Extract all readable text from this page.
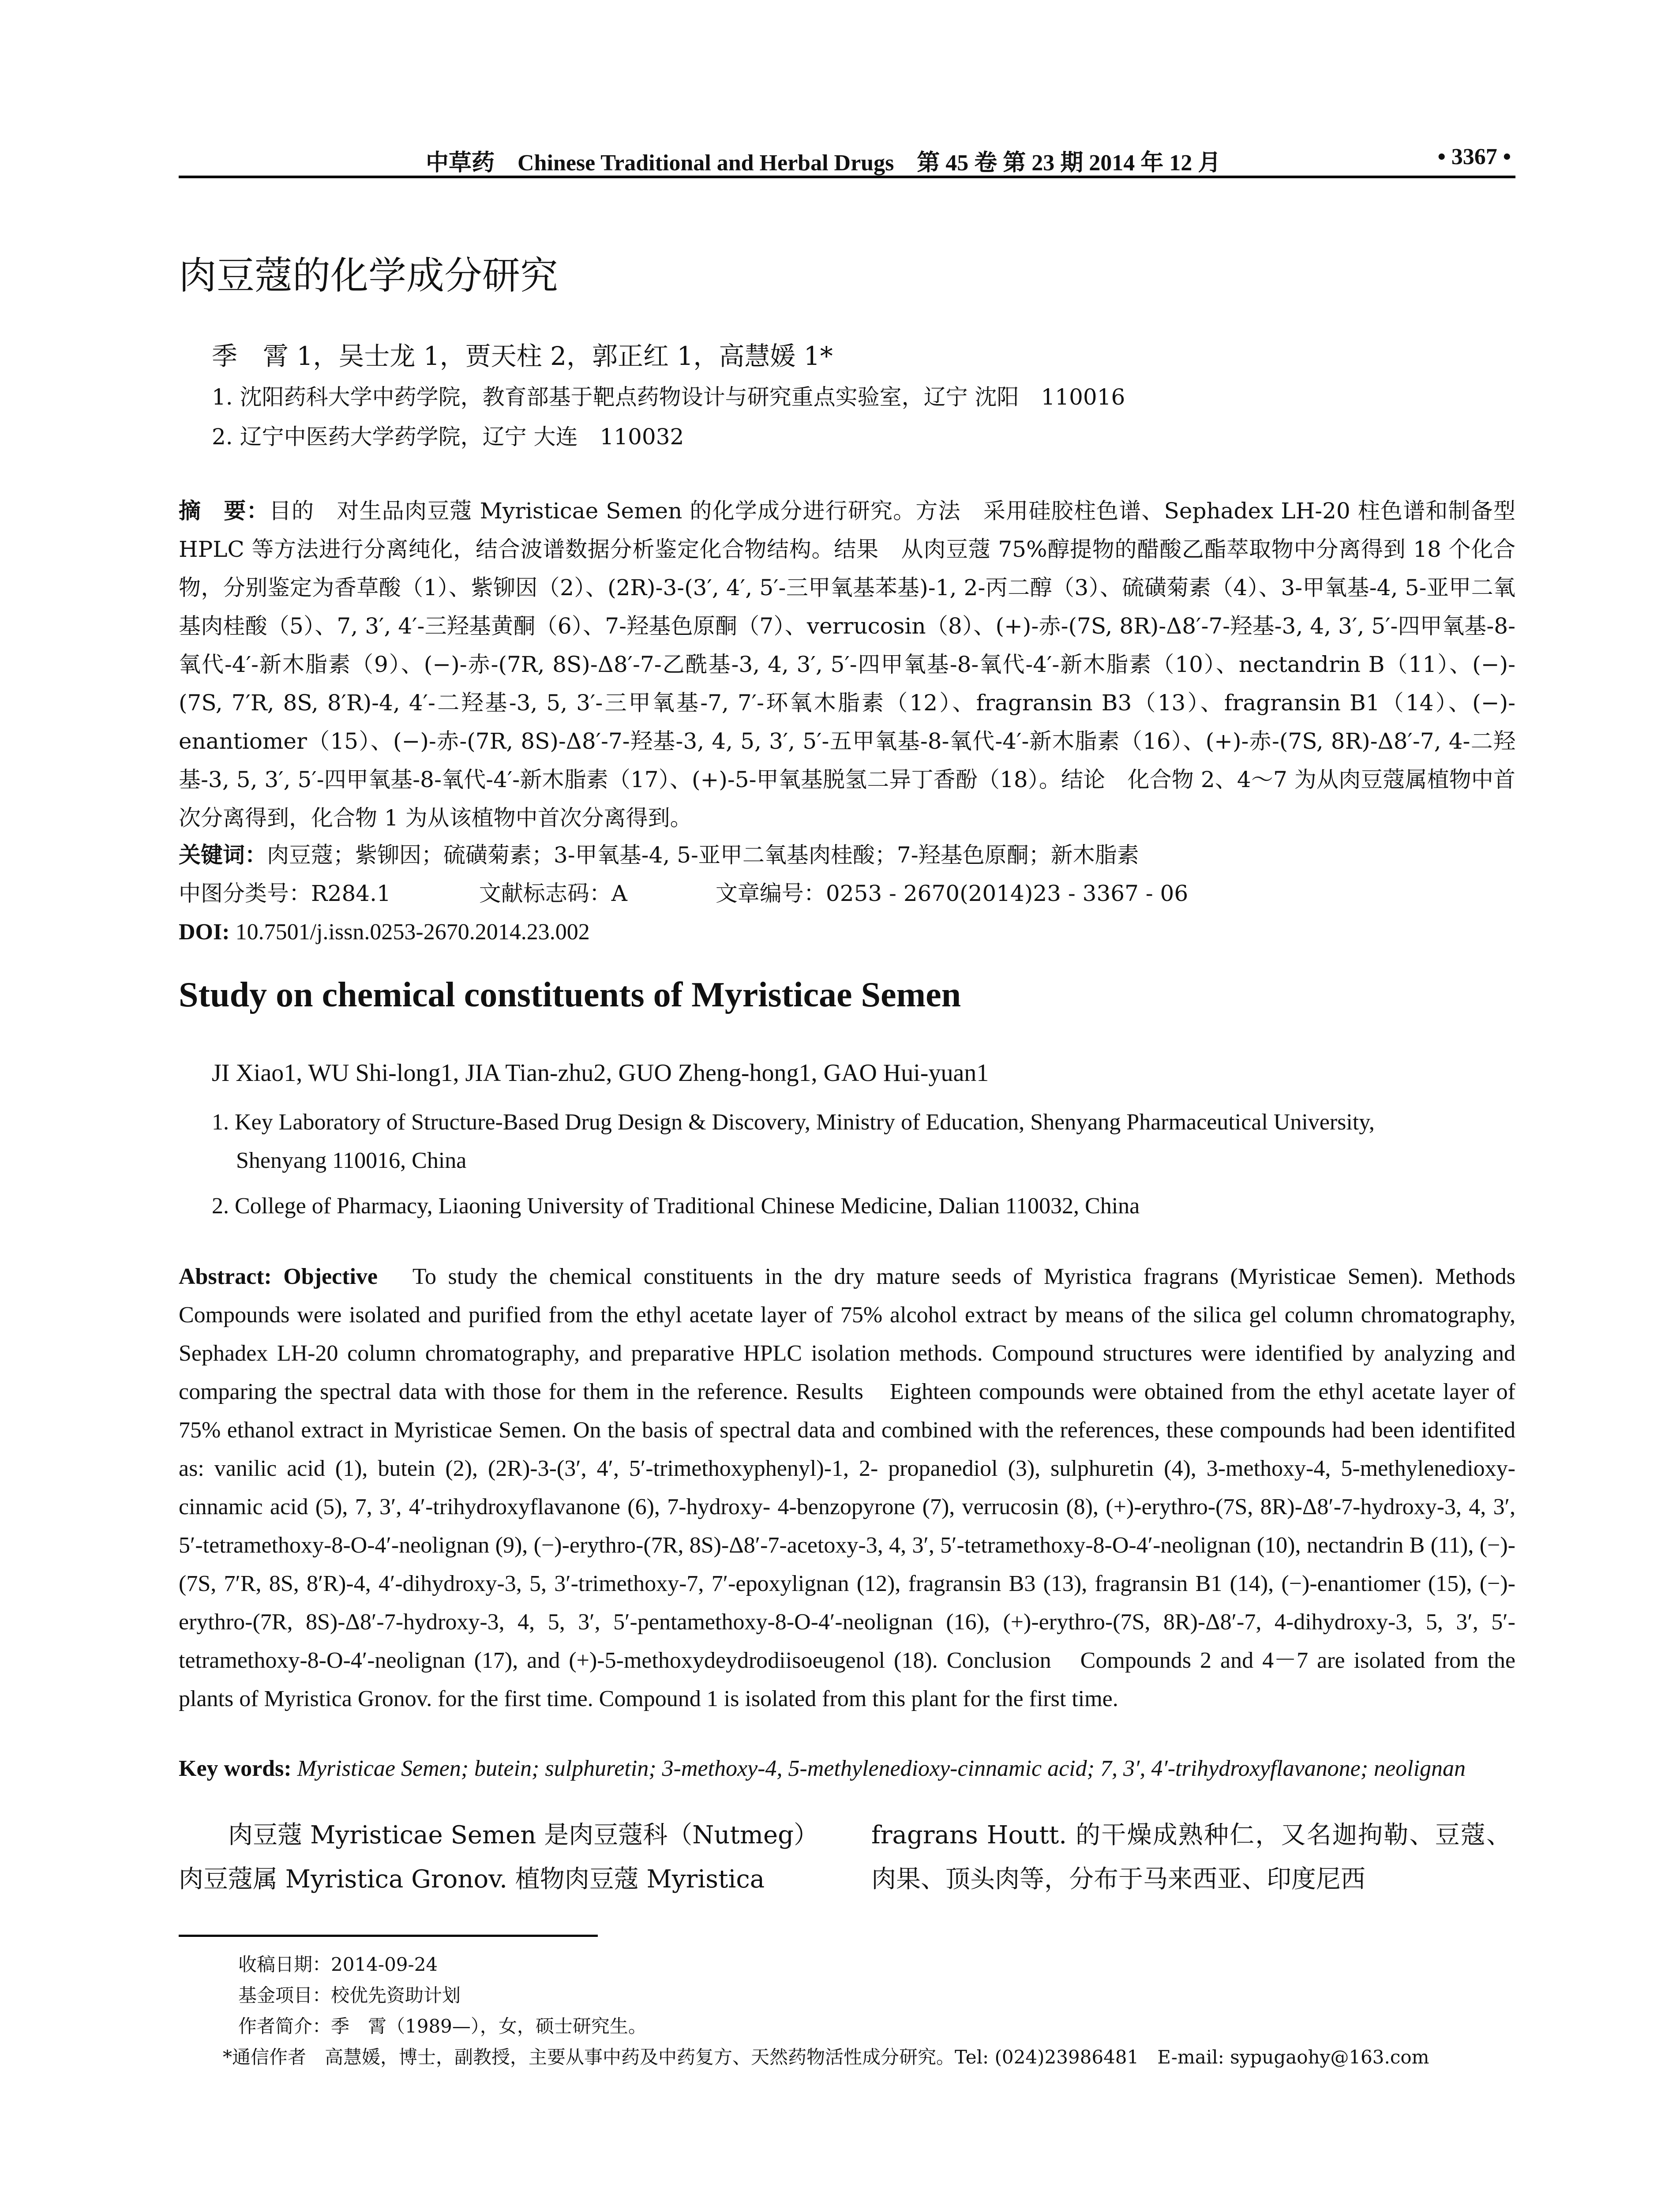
中草药　Chinese Traditional and Herbal Drugs　第 45 卷 第 23 期 2014 年 12 月	• 3367 •
肉豆蔻的化学成分研究
季　霄 1，吴士龙 1，贾天柱 2，郭正红 1，高慧媛 1*
1. 沈阳药科大学中药学院，教育部基于靶点药物设计与研究重点实验室，辽宁 沈阳　110016
2. 辽宁中医药大学药学院，辽宁 大连　110032
摘　要：目的　对生品肉豆蔻 Myristicae Semen 的化学成分进行研究。方法　采用硅胶柱色谱、Sephadex LH-20 柱色谱和制备型 HPLC 等方法进行分离纯化，结合波谱数据分析鉴定化合物结构。结果　从肉豆蔻 75%醇提物的醋酸乙酯萃取物中分离得到 18 个化合物，分别鉴定为香草酸（1）、紫铆因（2）、(2R)-3-(3′, 4′, 5′-三甲氧基苯基)-1, 2-丙二醇（3）、硫磺菊素（4）、3-甲氧基-4, 5-亚甲二氧基肉桂酸（5）、7, 3′, 4′-三羟基黄酮（6）、7-羟基色原酮（7）、verrucosin（8）、(+)-赤-(7S, 8R)-Δ8′-7-羟基-3, 4, 3′, 5′-四甲氧基-8-氧代-4′-新木脂素（9）、(−)-赤-(7R, 8S)-Δ8′-7-乙酰基-3, 4, 3′, 5′-四甲氧基-8-氧代-4′-新木脂素（10）、nectandrin B（11）、(−)-(7S, 7′R, 8S, 8′R)-4, 4′-二羟基-3, 5, 3′-三甲氧基-7, 7′-环氧木脂素（12）、fragransin B3（13）、fragransin B1（14）、(−)-enantiomer（15）、(−)-赤-(7R, 8S)-Δ8′-7-羟基-3, 4, 5, 3′, 5′-五甲氧基-8-氧代-4′-新木脂素（16）、(+)-赤-(7S, 8R)-Δ8′-7, 4-二羟基-3, 5, 3′, 5′-四甲氧基-8-氧代-4′-新木脂素（17）、(+)-5-甲氧基脱氢二异丁香酚（18）。结论　化合物 2、4～7 为从肉豆蔻属植物中首次分离得到，化合物 1 为从该植物中首次分离得到。
关键词：肉豆蔻；紫铆因；硫磺菊素；3-甲氧基-4, 5-亚甲二氧基肉桂酸；7-羟基色原酮；新木脂素
中图分类号：R284.1　　　　文献标志码：A　　　　文章编号：0253 - 2670(2014)23 - 3367 - 06
DOI: 10.7501/j.issn.0253-2670.2014.23.002
Study on chemical constituents of Myristicae Semen
JI Xiao1, WU Shi-long1, JIA Tian-zhu2, GUO Zheng-hong1, GAO Hui-yuan1
1. Key Laboratory of Structure-Based Drug Design & Discovery, Ministry of Education, Shenyang Pharmaceutical University,
Shenyang 110016, China
2. College of Pharmacy, Liaoning University of Traditional Chinese Medicine, Dalian 110032, China
Abstract: Objective　To study the chemical constituents in the dry mature seeds of Myristica fragrans (Myristicae Semen). Methods Compounds were isolated and purified from the ethyl acetate layer of 75% alcohol extract by means of the silica gel column chromatography, Sephadex LH-20 column chromatography, and preparative HPLC isolation methods. Compound structures were identified by analyzing and comparing the spectral data with those for them in the reference. Results　Eighteen compounds were obtained from the ethyl acetate layer of 75% ethanol extract in Myristicae Semen. On the basis of spectral data and combined with the references, these compounds had been identifited as: vanilic acid (1), butein (2), (2R)-3-(3′, 4′, 5′-trimethoxyphenyl)-1, 2- propanediol (3), sulphuretin (4), 3-methoxy-4, 5-methylenedioxy-cinnamic acid (5), 7, 3′, 4′-trihydroxyflavanone (6), 7-hydroxy- 4-benzopyrone (7), verrucosin (8), (+)-erythro-(7S, 8R)-Δ8′-7-hydroxy-3, 4, 3′, 5′-tetramethoxy-8-O-4′-neolignan (9), (−)-erythro-(7R, 8S)-Δ8′-7-acetoxy-3, 4, 3′, 5′-tetramethoxy-8-O-4′-neolignan (10), nectandrin B (11), (−)-(7S, 7′R, 8S, 8′R)-4, 4′-dihydroxy-3, 5, 3′-trimethoxy-7, 7′-epoxylignan (12), fragransin B3 (13), fragransin B1 (14), (−)-enantiomer (15), (−)-erythro-(7R, 8S)-Δ8′-7-hydroxy-3, 4, 5, 3′, 5′-pentamethoxy-8-O-4′-neolignan (16), (+)-erythro-(7S, 8R)-Δ8′-7, 4-dihydroxy-3, 5, 3′, 5′-tetramethoxy-8-O-4′-neolignan (17), and (+)-5-methoxydeydrodiisoeugenol (18). Conclusion　Compounds 2 and 4－7 are isolated from the plants of Myristica Gronov. for the first time. Compound 1 is isolated from this plant for the first time.
Key words: Myristicae Semen; butein; sulphuretin; 3-methoxy-4, 5-methylenedioxy-cinnamic acid; 7, 3′, 4′-trihydroxyflavanone; neolignan
　　肉豆蔻 Myristicae Semen 是肉豆蔻科（Nutmeg）肉豆蔻属 Myristica Gronov. 植物肉豆蔻 Myristica
fragrans Houtt. 的干燥成熟种仁，又名迦拘勒、豆蔻、肉果、顶头肉等，分布于马来西亚、印度尼西
收稿日期：2014-09-24
基金项目：校优先资助计划
作者简介：季　霄（1989—），女，硕士研究生。
*通信作者　高慧媛，博士，副教授，主要从事中药及中药复方、天然药物活性成分研究。Tel: (024)23986481　E-mail: sypugaohy@163.com
